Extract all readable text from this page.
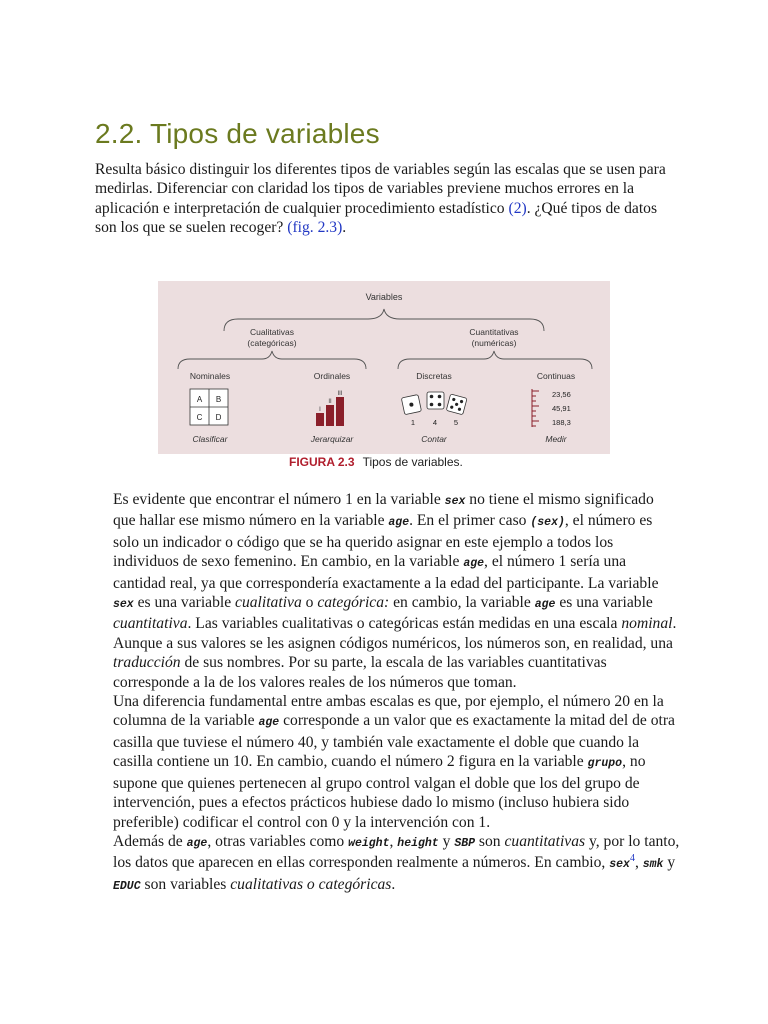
2.2. Tipos de variables

Resulta básico distinguir los diferentes tipos de variables según las escalas que se usen para medirlas. Diferenciar con claridad los tipos de variables previene muchos errores en la aplicación e interpretación de cualquier procedimiento estadístico (2). ¿Qué tipos de datos son los que se suelen recoger? (fig. 2.3).

Variables
Cualitativas
(categóricas)
Cuantitativas
(numéricas)
Nominales	Ordinales	Discretas	Continuas
A B
C D
I
II
III
1 4 5
23,56
45,91
188,3
Clasificar	Jerarquizar	Contar	Medir
FIGURA 2.3 Tipos de variables.

Es evidente que encontrar el número 1 en la variable sex no tiene el mismo significado que hallar ese mismo número en la variable age. En el primer caso (sex), el número es solo un indicador o código que se ha querido asignar en este ejemplo a todos los individuos de sexo femenino. En cambio, en la variable age, el número 1 sería una cantidad real, ya que correspondería exactamente a la edad del participante. La variable sex es una variable cualitativa o categórica: en cambio, la variable age es una variable cuantitativa. Las variables cualitativas o categóricas están medidas en una escala nominal. Aunque a sus valores se les asignen códigos numéricos, los números son, en realidad, una traducción de sus nombres. Por su parte, la escala de las variables cuantitativas corresponde a la de los valores reales de los números que toman.

Una diferencia fundamental entre ambas escalas es que, por ejemplo, el número 20 en la columna de la variable age corresponde a un valor que es exactamente la mitad del de otra casilla que tuviese el número 40, y también vale exactamente el doble que cuando la casilla contiene un 10. En cambio, cuando el número 2 figura en la variable grupo, no supone que quienes pertenecen al grupo control valgan el doble que los del grupo de intervención, pues a efectos prácticos hubiese dado lo mismo (incluso hubiera sido preferible) codificar el control con 0 y la intervención con 1.

Además de age, otras variables como weight, height y SBP son cuantitativas y, por lo tanto, los datos que aparecen en ellas corresponden realmente a números. En cambio, sex$^4$, smk y EDUC son variables cualitativas o categóricas.
